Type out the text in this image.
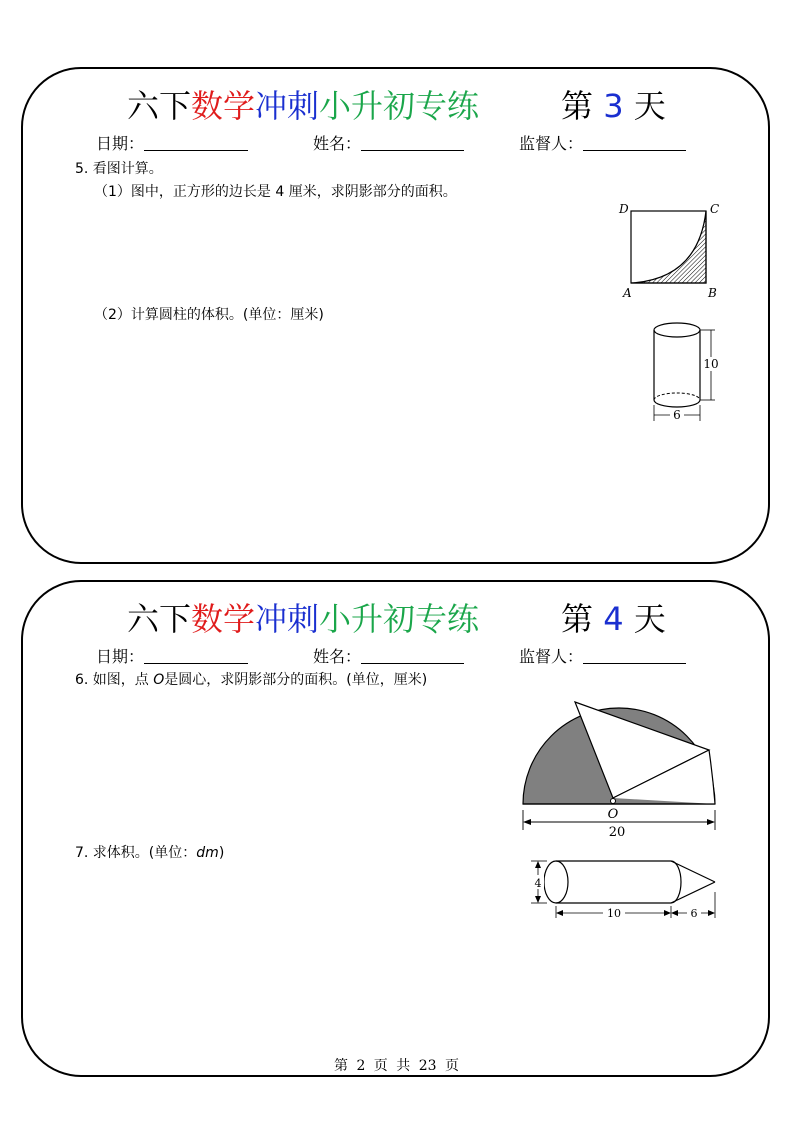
六下数学冲刺小升初专练	第 3 天
日期：	姓名：	监督人：
5. 看图计算。
（1）图中，正方形的边长是 4 厘米，求阴影部分的面积。
（2）计算圆柱的体积。(单位：厘米)
D	C
A	B
10
6
六下数学冲刺小升初专练	第 4 天
日期：	姓名：	监督人：
6. 如图，点 O是圆心，求阴影部分的面积。(单位，厘米)
7. 求体积。(单位：dm)
O
20
4
10	6
第 2 页 共 23 页
